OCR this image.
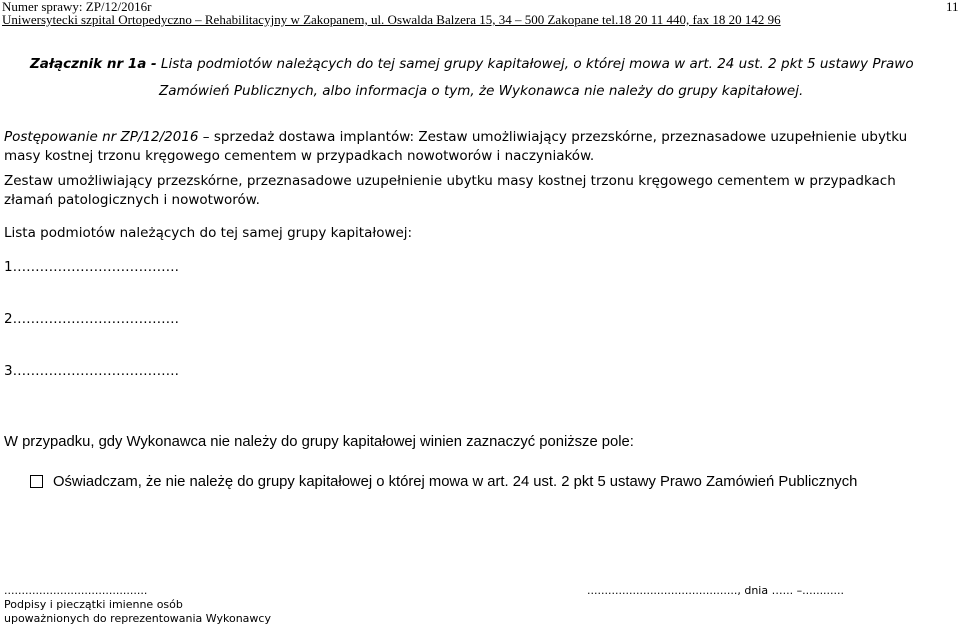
Numer sprawy: ZP/12/2016r	11
Uniwersytecki szpital Ortopedyczno – Rehabilitacyjny w Zakopanem, ul. Oswalda Balzera 15, 34 – 500 Zakopane tel.18 20 11 440, fax 18 20 142 96
Załącznik nr 1a - Lista podmiotów należących do tej samej grupy kapitałowej, o której mowa w art. 24 ust. 2 pkt 5 ustawy Prawo
Zamówień Publicznych, albo informacja o tym, że Wykonawca nie należy do grupy kapitałowej.
Postępowanie nr ZP/12/2016 – sprzedaż dostawa implantów: Zestaw umożliwiający przezskórne, przeznasadowe uzupełnienie ubytku
masy kostnej trzonu kręgowego cementem w przypadkach nowotworów i naczyniaków.
Zestaw umożliwiający przezskórne, przeznasadowe uzupełnienie ubytku masy kostnej trzonu kręgowego cementem w przypadkach
złamań patologicznych i nowotworów.
Lista podmiotów należących do tej samej grupy kapitałowej:
1……………………………….
2……………………………….
3……………………………….
W przypadku, gdy Wykonawca nie należy do grupy kapitałowej winien zaznaczyć poniższe pole:
Oświadczam, że nie należę do grupy kapitałowej o której mowa w art. 24 ust. 2 pkt 5 ustawy Prawo Zamówień Publicznych
.........................................
Podpisy i pieczątki imienne osób
upoważnionych do reprezentowania Wykonawcy
..........................................., dnia …... –............
